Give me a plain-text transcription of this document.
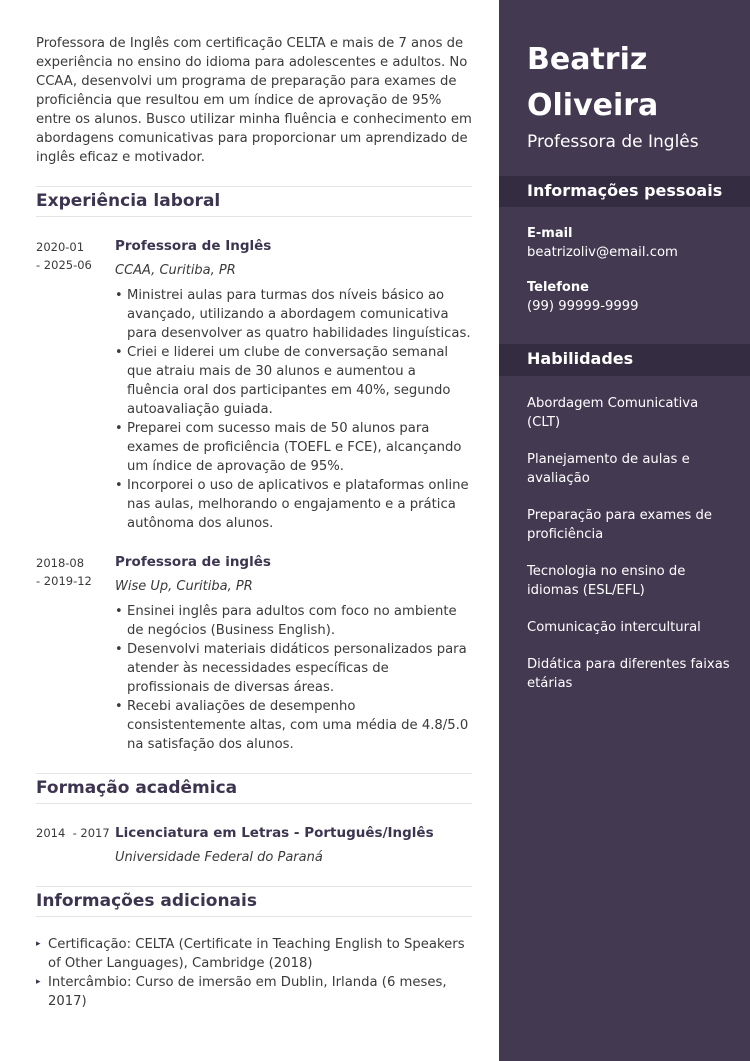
Professora de Inglês com certificação CELTA e mais de 7 anos de experiência no ensino do idioma para adolescentes e adultos. No CCAA, desenvolvi um programa de preparação para exames de proficiência que resultou em um índice de aprovação de 95% entre os alunos. Busco utilizar minha fluência e conhecimento em abordagens comunicativas para proporcionar um aprendizado de inglês eficaz e motivador.

Experiência laboral
2020-01
- 2025-06
Professora de Inglês
CCAA, Curitiba, PR
• Ministrei aulas para turmas dos níveis básico ao avançado, utilizando a abordagem comunicativa para desenvolver as quatro habilidades linguísticas.
• Criei e liderei um clube de conversação semanal que atraiu mais de 30 alunos e aumentou a fluência oral dos participantes em 40%, segundo autoavaliação guiada.
• Preparei com sucesso mais de 50 alunos para exames de proficiência (TOEFL e FCE), alcançando um índice de aprovação de 95%.
• Incorporei o uso de aplicativos e plataformas online nas aulas, melhorando o engajamento e a prática autônoma dos alunos.
2018-08
- 2019-12
Professora de inglês
Wise Up, Curitiba, PR
• Ensinei inglês para adultos com foco no ambiente de negócios (Business English).
• Desenvolvi materiais didáticos personalizados para atender às necessidades específicas de profissionais de diversas áreas.
• Recebi avaliações de desempenho consistentemente altas, com uma média de 4.8/5.0 na satisfação dos alunos.
Formação acadêmica
2014  - 2017 Licenciatura em Letras - Português/Inglês
Universidade Federal do Paraná
Informações adicionais
▸ Certificação: CELTA (Certificate in Teaching English to Speakers of Other Languages), Cambridge (2018)
▸ Intercâmbio: Curso de imersão em Dublin, Irlanda (6 meses, 2017)
Beatriz
Oliveira
Professora de Inglês
Informações pessoais
E-mail
beatrizoliv@email.com
Telefone
(99) 99999-9999
Habilidades
Abordagem Comunicativa (CLT)
Planejamento de aulas e avaliação
Preparação para exames de proficiência
Tecnologia no ensino de idiomas (ESL/EFL)
Comunicação intercultural
Didática para diferentes faixas etárias
